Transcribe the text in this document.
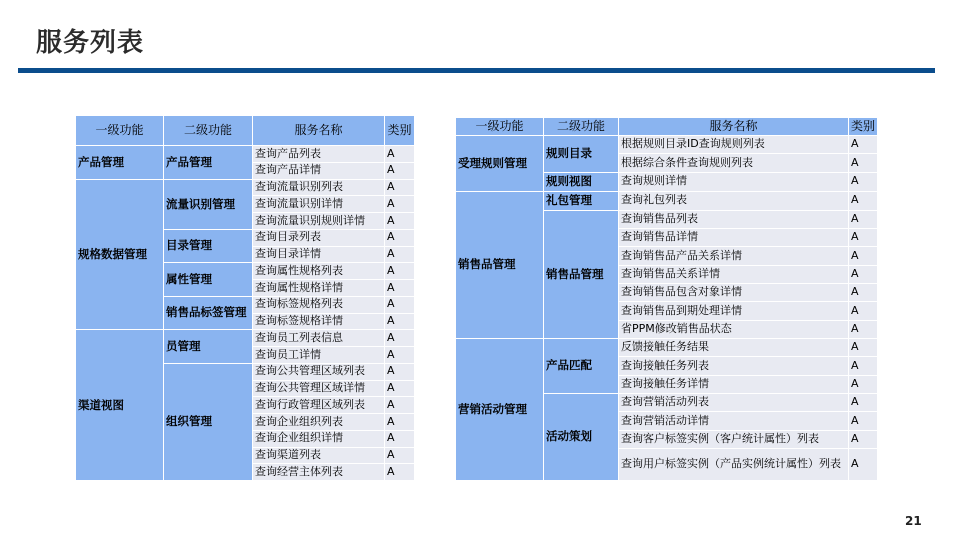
服务列表
一级功能	二级功能	服务名称	类别
产品管理	产品管理	查询产品列表	A
		查询产品详情	A
规格数据管理	流量识别管理	查询流量识别列表	A
		查询流量识别详情	A
		查询流量识别规则详情	A
	目录管理	查询目录列表	A
		查询目录详情	A
	属性管理	查询属性规格列表	A
		查询属性规格详情	A
	销售品标签管理	查询标签规格列表	A
		查询标签规格详情	A
渠道视图	员管理	查询员工列表信息	A
		查询员工详情	A
	组织管理	查询公共管理区域列表	A
		查询公共管理区域详情	A
		查询行政管理区域列表	A
		查询企业组织列表	A
		查询企业组织详情	A
		查询渠道列表	A
		查询经营主体列表	A
一级功能	二级功能	服务名称	类别
受理规则管理	规则目录	根据规则目录ID查询规则列表	A
		根据综合条件查询规则列表	A
	规则视图	查询规则详情	A
销售品管理	礼包管理	查询礼包列表	A
	销售品管理	查询销售品列表	A
		查询销售品详情	A
		查询销售品产品关系详情	A
		查询销售品关系详情	A
		查询销售品包含对象详情	A
		查询销售品到期处理详情	A
		省PPM修改销售品状态	A
营销活动管理	产品匹配	反馈接触任务结果	A
		查询接触任务列表	A
		查询接触任务详情	A
	活动策划	查询营销活动列表	A
		查询营销活动详情	A
		查询客户标签实例（客户统计属性）列表	A
		查询用户标签实例（产品实例统计属性）列表	A
21
